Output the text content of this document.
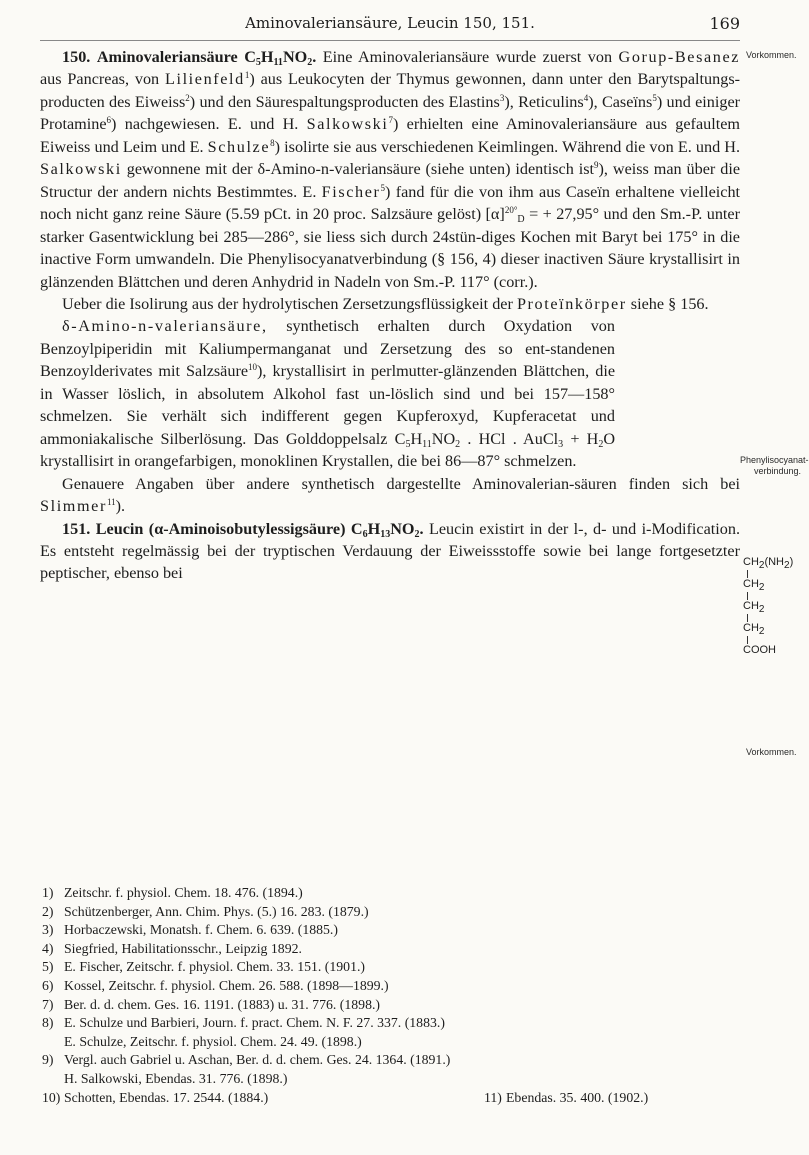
Aminovaleriansäure, Leucin 150, 151.	169
Vorkommen.
Phenylisocyanat-
verbindung.
Vorkommen.
$CH_2(NH_2)$
$CH_2$
$CH_2$
$CH_2$
COOH

150. Aminovaleriansäure $C_5H_{11}NO_2$. Eine Aminovaleriansäure wurde zuerst von Gorup-Besanez aus Pancreas, von Lilienfeld$^1$) aus Leukocyten der Thymus gewonnen, dann unter den Barytspaltungs-producten des Eiweiss$^2$) und den Säurespaltungsproducten des Elastins$^3$), Reticulins$^4$), Caseïns$^5$) und einiger Protamine$^6$) nachgewiesen. E. und H. Salkowski$^7$) erhielten eine Aminovaleriansäure aus gefaultem Eiweiss und Leim und E. Schulze$^8$) isolirte sie aus verschiedenen Keimlingen. Während die von E. und H. Salkowski gewonnene mit der δ-Amino-n-valeriansäure (siehe unten) identisch ist$^9$), weiss man über die Structur der andern nichts Bestimmtes. E. Fischer$^5$) fand für die von ihm aus Caseïn erhaltene vielleicht noch nicht ganz reine Säure (5.59 pCt. in 20 proc. Salzsäure gelöst) $[\alpha]^{20^\circ}_D$ = + 27,95° und den Sm.-P. unter starker Gasentwicklung bei 285—286°, sie liess sich durch 24stün-diges Kochen mit Baryt bei 175° in die inactive Form umwandeln. Die Phenylisocyanatverbindung (§ 156, 4) dieser inactiven Säure krystallisirt in glänzenden Blättchen und deren Anhydrid in Nadeln von Sm.-P. 117° (corr.).

Ueber die Isolirung aus der hydrolytischen Zersetzungsflüssigkeit der Proteïnkörper siehe § 156.

δ-Amino-n-valeriansäure, synthetisch erhalten durch Oxydation von Benzoylpiperidin mit Kaliumpermanganat und Zersetzung des so ent-standenen Benzoylderivates mit Salzsäure$^{10}$), krystallisirt in perlmutter-glänzenden Blättchen, die in Wasser löslich, in absolutem Alkohol fast un-löslich sind und bei 157—158° schmelzen. Sie verhält sich indifferent gegen Kupferoxyd, Kupferacetat und ammoniakalische Silberlösung. Das Golddoppelsalz $C_5H_{11}NO_2$ . HCl . AuCl$_3$ + $H_2O$ krystallisirt in orangefarbigen, monoklinen Krystallen, die bei 86—87° schmelzen.

Genauere Angaben über andere synthetisch dargestellte Aminovalerian-säuren finden sich bei Slimmer$^{11}$).

151. Leucin (α-Aminoisobutylessigsäure) $C_6H_{13}NO_2$. Leucin existirt in der l-, d- und i-Modification. Es entsteht regelmässig bei der tryptischen Verdauung der Eiweissstoffe sowie bei lange fortgesetzter peptischer, ebenso bei

1) Zeitschr. f. physiol. Chem. 18. 476. (1894.)
2) Schützenberger, Ann. Chim. Phys. (5.) 16. 283. (1879.)
3) Horbaczewski, Monatsh. f. Chem. 6. 639. (1885.)
4) Siegfried, Habilitationsschr., Leipzig 1892.
5) E. Fischer, Zeitschr. f. physiol. Chem. 33. 151. (1901.)
6) Kossel, Zeitschr. f. physiol. Chem. 26. 588. (1898—1899.)
7) Ber. d. d. chem. Ges. 16. 1191. (1883) u. 31. 776. (1898.)
8) E. Schulze und Barbieri, Journ. f. pract. Chem. N. F. 27. 337. (1883.)
E. Schulze, Zeitschr. f. physiol. Chem. 24. 49. (1898.)
9) Vergl. auch Gabriel u. Aschan, Ber. d. d. chem. Ges. 24. 1364. (1891.)
H. Salkowski, Ebendas. 31. 776. (1898.)
10) Schotten, Ebendas. 17. 2544. (1884.)	11) Ebendas. 35. 400. (1902.)
